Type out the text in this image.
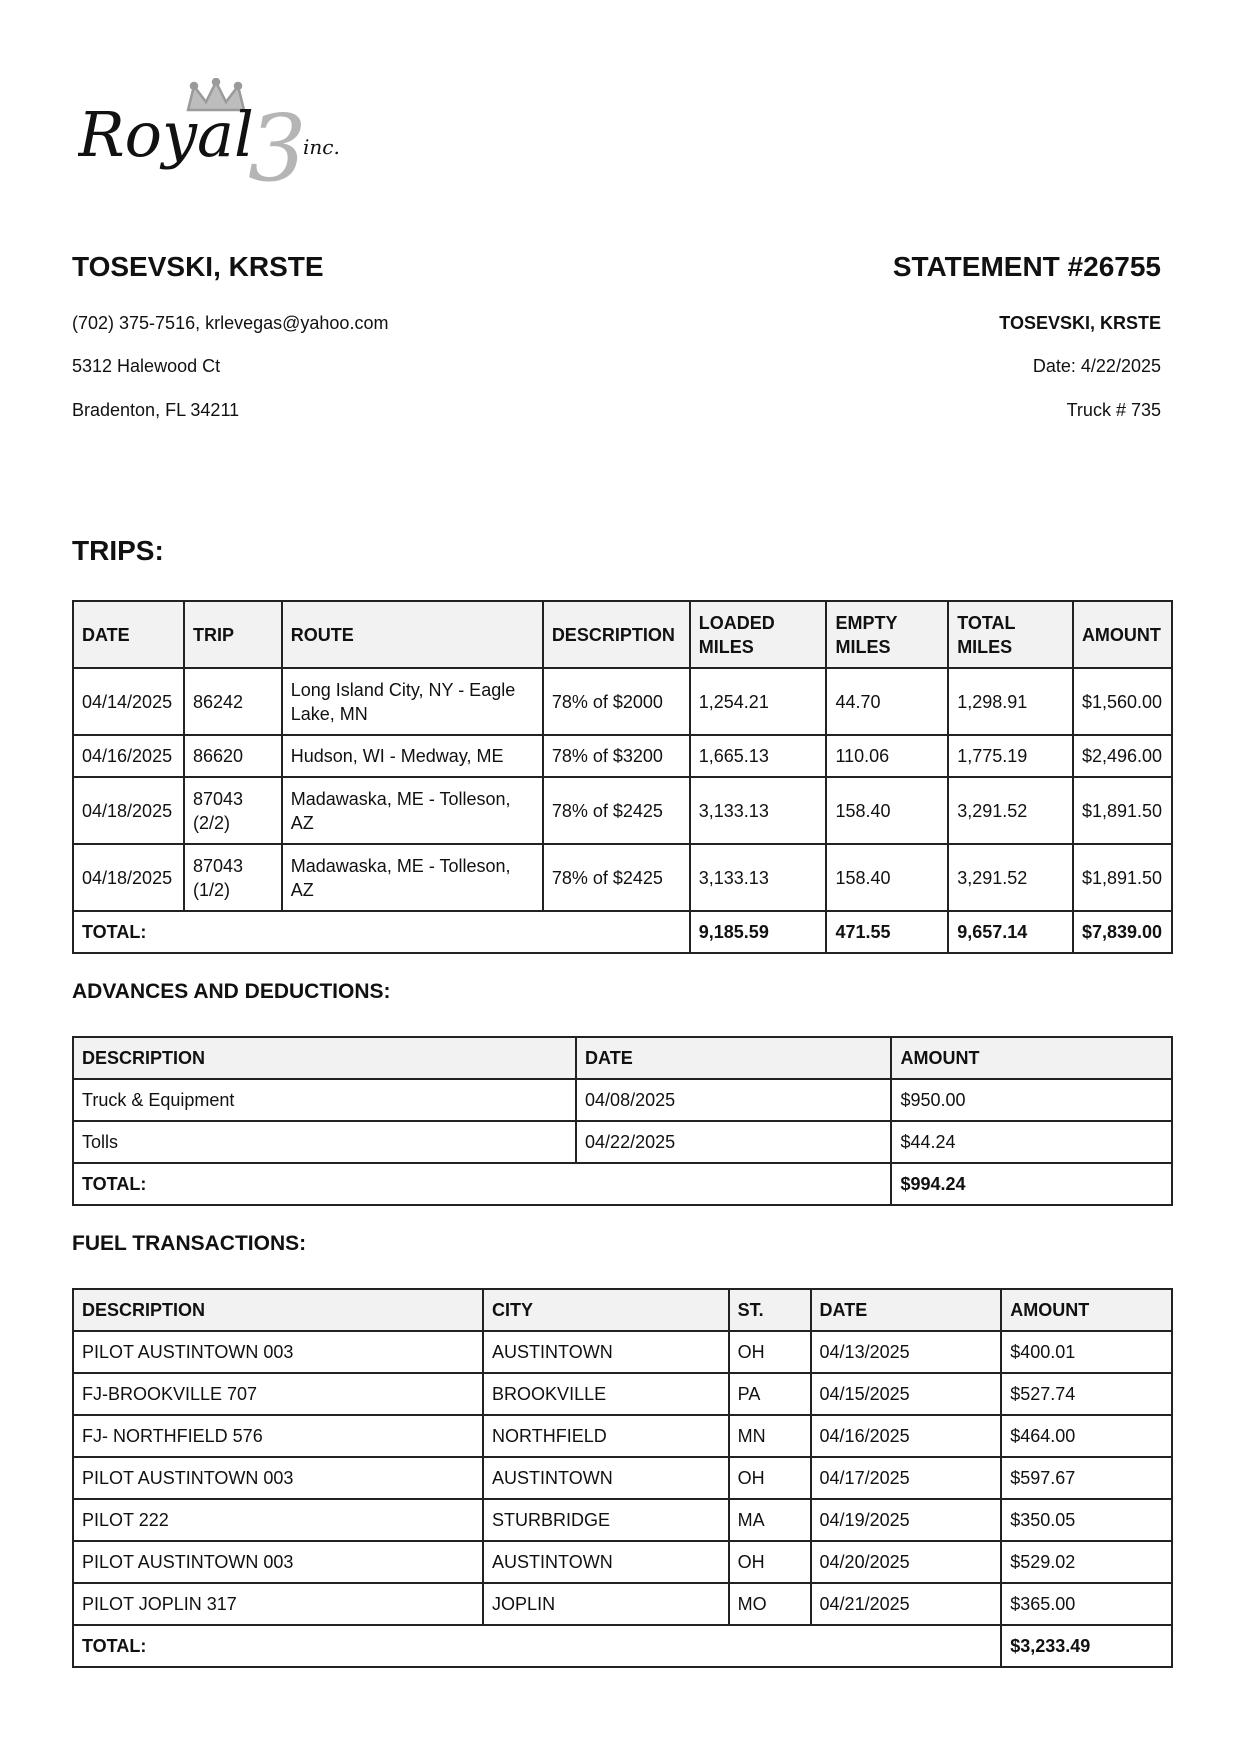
3
Royal inc.
TOSEVSKI, KRSTE
(702) 375-7516, krlevegas@yahoo.com
5312 Halewood Ct
Bradenton, FL 34211
STATEMENT #26755
TOSEVSKI, KRSTE
Date: 4/22/2025
Truck # 735
TRIPS:
DATE	TRIP	ROUTE	DESCRIPTION	LOADED MILES	EMPTY MILES	TOTAL MILES	AMOUNT
04/14/2025	86242	Long Island City, NY - Eagle Lake, MN	78% of $2000	1,254.21	44.70	1,298.91	$1,560.00
04/16/2025	86620	Hudson, WI - Medway, ME	78% of $3200	1,665.13	110.06	1,775.19	$2,496.00
04/18/2025	87043 (2/2)	Madawaska, ME - Tolleson, AZ	78% of $2425	3,133.13	158.40	3,291.52	$1,891.50
04/18/2025	87043 (1/2)	Madawaska, ME - Tolleson, AZ	78% of $2425	3,133.13	158.40	3,291.52	$1,891.50
TOTAL:				9,185.59	471.55	9,657.14	$7,839.00
ADVANCES AND DEDUCTIONS:
DESCRIPTION	DATE	AMOUNT
Truck & Equipment	04/08/2025	$950.00
Tolls	04/22/2025	$44.24
TOTAL:		$994.24
FUEL TRANSACTIONS:
DESCRIPTION	CITY	ST.	DATE	AMOUNT
PILOT AUSTINTOWN 003	AUSTINTOWN	OH	04/13/2025	$400.01
FJ-BROOKVILLE 707	BROOKVILLE	PA	04/15/2025	$527.74
FJ- NORTHFIELD 576	NORTHFIELD	MN	04/16/2025	$464.00
PILOT AUSTINTOWN 003	AUSTINTOWN	OH	04/17/2025	$597.67
PILOT 222	STURBRIDGE	MA	04/19/2025	$350.05
PILOT AUSTINTOWN 003	AUSTINTOWN	OH	04/20/2025	$529.02
PILOT JOPLIN 317	JOPLIN	MO	04/21/2025	$365.00
TOTAL:				$3,233.49
